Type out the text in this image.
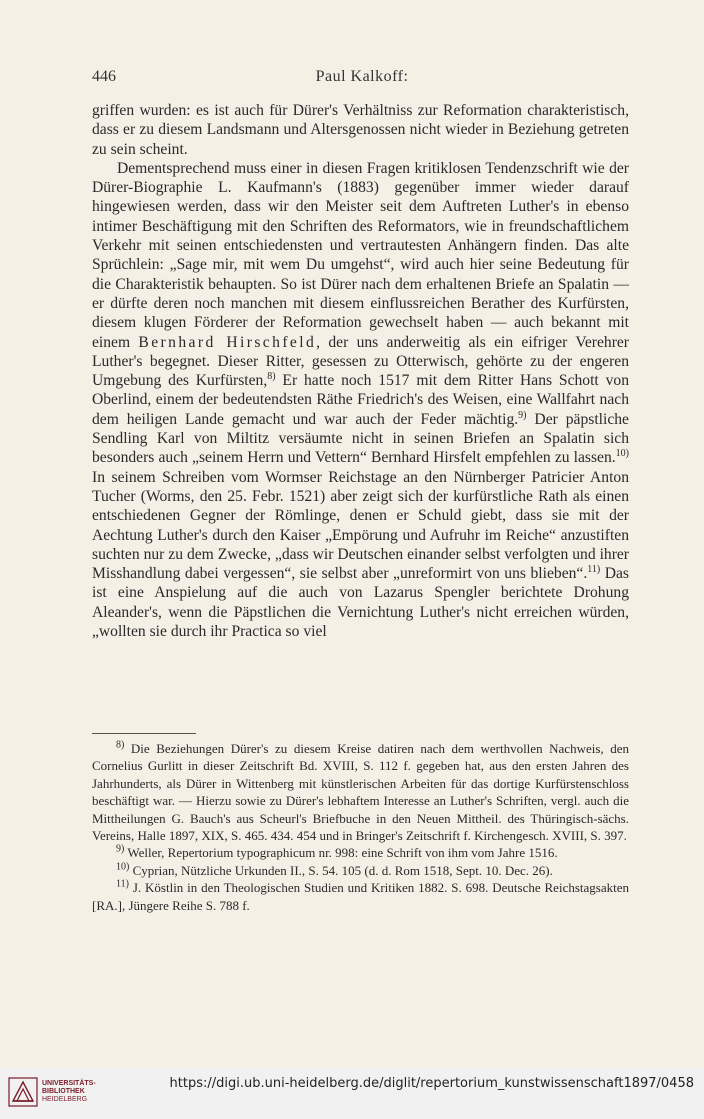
446	Paul Kalkoff:

griffen wurden: es ist auch für Dürer's Verhältniss zur Reformation charakteristisch, dass er zu diesem Landsmann und Altersgenossen nicht wieder in Beziehung getreten zu sein scheint.

Dementsprechend muss einer in diesen Fragen kritiklosen Tendenzschrift wie der Dürer-Biographie L. Kaufmann's (1883) gegenüber immer wieder darauf hingewiesen werden, dass wir den Meister seit dem Auftreten Luther's in ebenso intimer Beschäftigung mit den Schriften des Reformators, wie in freundschaftlichem Verkehr mit seinen entschiedensten und vertrautesten Anhängern finden. Das alte Sprüchlein: „Sage mir, mit wem Du umgehst“, wird auch hier seine Bedeutung für die Charakteristik behaupten. So ist Dürer nach dem erhaltenen Briefe an Spalatin — er dürfte deren noch manchen mit diesem einflussreichen Berather des Kurfürsten, diesem klugen Förderer der Reformation gewechselt haben — auch bekannt mit einem Bernhard Hirschfeld, der uns anderweitig als ein eifriger Verehrer Luther's begegnet. Dieser Ritter, gesessen zu Otterwisch, gehörte zu der engeren Umgebung des Kurfürsten,$^{8)}$ Er hatte noch 1517 mit dem Ritter Hans Schott von Oberlind, einem der bedeutendsten Räthe Friedrich's des Weisen, eine Wallfahrt nach dem heiligen Lande gemacht und war auch der Feder mächtig.$^{9)}$ Der päpstliche Sendling Karl von Miltitz versäumte nicht in seinen Briefen an Spalatin sich besonders auch „seinem Herrn und Vettern“ Bernhard Hirsfelt empfehlen zu lassen.$^{10)}$ In seinem Schreiben vom Wormser Reichstage an den Nürnberger Patricier Anton Tucher (Worms, den 25. Febr. 1521) aber zeigt sich der kurfürstliche Rath als einen entschiedenen Gegner der Römlinge, denen er Schuld giebt, dass sie mit der Aechtung Luther's durch den Kaiser „Empörung und Aufruhr im Reiche“ anzustiften suchten nur zu dem Zwecke, „dass wir Deutschen einander selbst verfolgten und ihrer Misshandlung dabei vergessen“, sie selbst aber „unreformirt von uns blieben“.$^{11)}$ Das ist eine Anspielung auf die auch von Lazarus Spengler berichtete Drohung Aleander's, wenn die Päpstlichen die Vernichtung Luther's nicht erreichen würden, „wollten sie durch ihr Practica so viel

$^{8)}$ Die Beziehungen Dürer's zu diesem Kreise datiren nach dem werthvollen Nachweis, den Cornelius Gurlitt in dieser Zeitschrift Bd. XVIII, S. 112 f. gegeben hat, aus den ersten Jahren des Jahrhunderts, als Dürer in Wittenberg mit künstlerischen Arbeiten für das dortige Kurfürstenschloss beschäftigt war. — Hierzu sowie zu Dürer's lebhaftem Interesse an Luther's Schriften, vergl. auch die Mittheilungen G. Bauch's aus Scheurl's Briefbuche in den Neuen Mittheil. des Thüringisch-sächs. Vereins, Halle 1897, XIX, S. 465. 434. 454 und in Bringer's Zeitschrift f. Kirchengesch. XVIII, S. 397.

$^{9)}$ Weller, Repertorium typographicum nr. 998: eine Schrift von ihm vom Jahre 1516.

$^{10)}$ Cyprian, Nützliche Urkunden II., S. 54. 105 (d. d. Rom 1518, Sept. 10. Dec. 26).

$^{11)}$ J. Köstlin in den Theologischen Studien und Kritiken 1882. S. 698. Deutsche Reichstagsakten [RA.], Jüngere Reihe S. 788 f.

UNIVERSITÄTS-
BIBLIOTHEK
HEIDELBERG
https://digi.ub.uni-heidelberg.de/diglit/repertorium_kunstwissenschaft1897/0458
